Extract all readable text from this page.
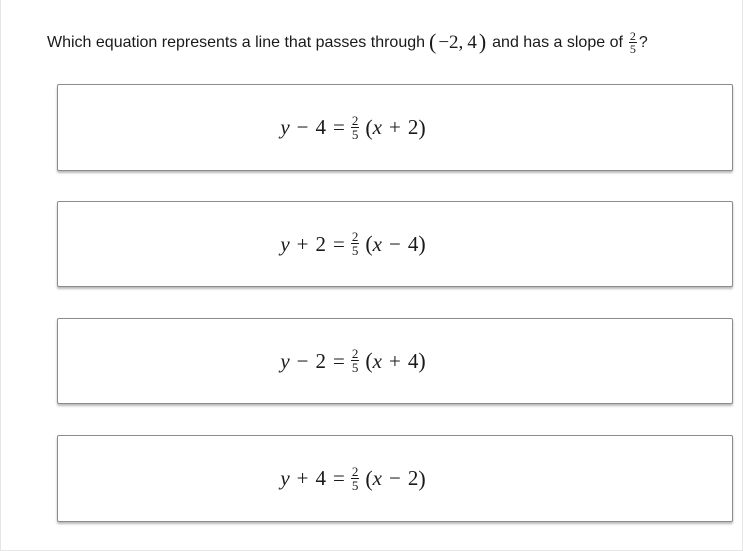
Which equation represents a line that passes through ( −2, 4 ) and has a slope of $\frac{2}{5}$ ?
$y - 4 = \frac{2}{5}$ ( x + 2 )
$y + 2 = \frac{2}{5}$ ( x − 4 )
$y - 2 = \frac{2}{5}$ ( x + 4 )
$y + 4 = \frac{2}{5}$ ( x − 2 )
